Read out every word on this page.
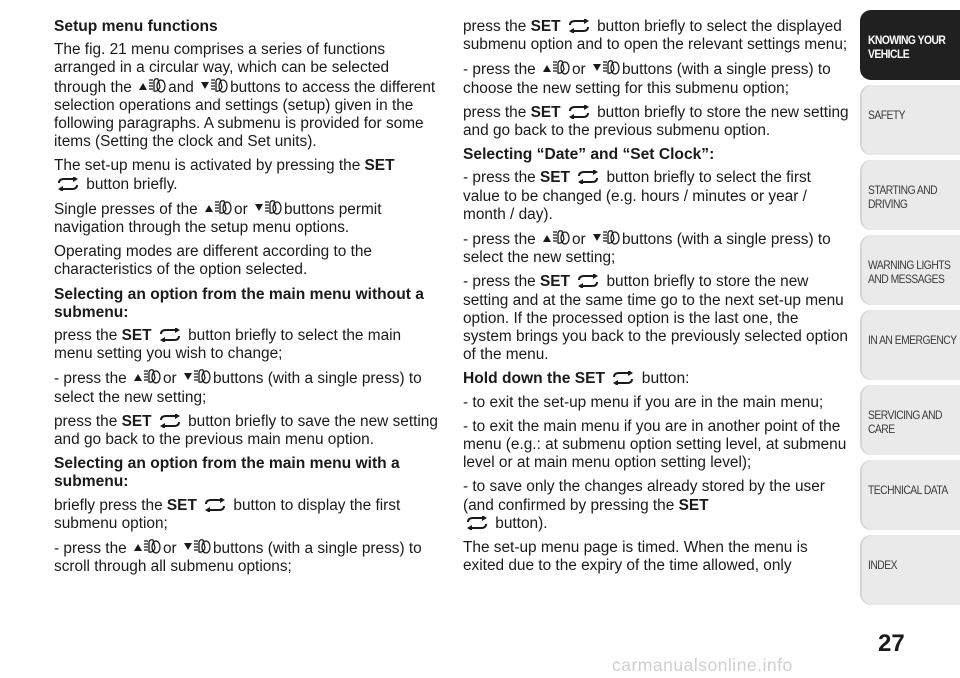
Setup menu functions

The fig. 21 menu comprises a series of functions arranged in a circular way, which can be selected through the and buttons to access the different selection operations and settings (setup) given in the following paragraphs. A submenu is provided for some items (Setting the clock and Set units).

The set-up menu is activated by pressing the SET

button briefly.

Single presses of the or buttons permit navigation through the setup menu options.

Operating modes are different according to the characteristics of the option selected.

Selecting an option from the main menu without a submenu:

press the SET button briefly to select the main menu setting you wish to change;

- press the or buttons (with a single press) to select the new setting;

press the SET button briefly to save the new setting and go back to the previous main menu option.

Selecting an option from the main menu with a submenu:

briefly press the SET button to display the first submenu option;

- press the or buttons (with a single press) to scroll through all submenu options;

press the SET button briefly to select the displayed submenu option and to open the relevant settings menu;

- press the or buttons (with a single press) to choose the new setting for this submenu option;

press the SET button briefly to store the new setting and go back to the previous submenu option.

Selecting “Date” and “Set Clock”:

- press the SET button briefly to select the first value to be changed (e.g. hours / minutes or year / month / day).

- press the or buttons (with a single press) to select the new setting;

- press the SET button briefly to store the new setting and at the same time go to the next set-up menu option. If the processed option is the last one, the system brings you back to the previously selected option of the menu.

Hold down the SET button:

- to exit the set-up menu if you are in the main menu;

- to exit the main menu if you are in another point of the menu (e.g.: at submenu option setting level, at submenu level or at main menu option setting level);

- to save only the changes already stored by the user (and confirmed by pressing the SET

button).

The set-up menu page is timed. When the menu is exited due to the expiry of the time allowed, only

KNOWING YOUR VEHICLE
SAFETY
STARTING AND DRIVING
WARNING LIGHTS AND MESSAGES
IN AN EMERGENCY
SERVICING AND CARE
TECHNICAL DATA
INDEX
27
carmanualsonline.info
